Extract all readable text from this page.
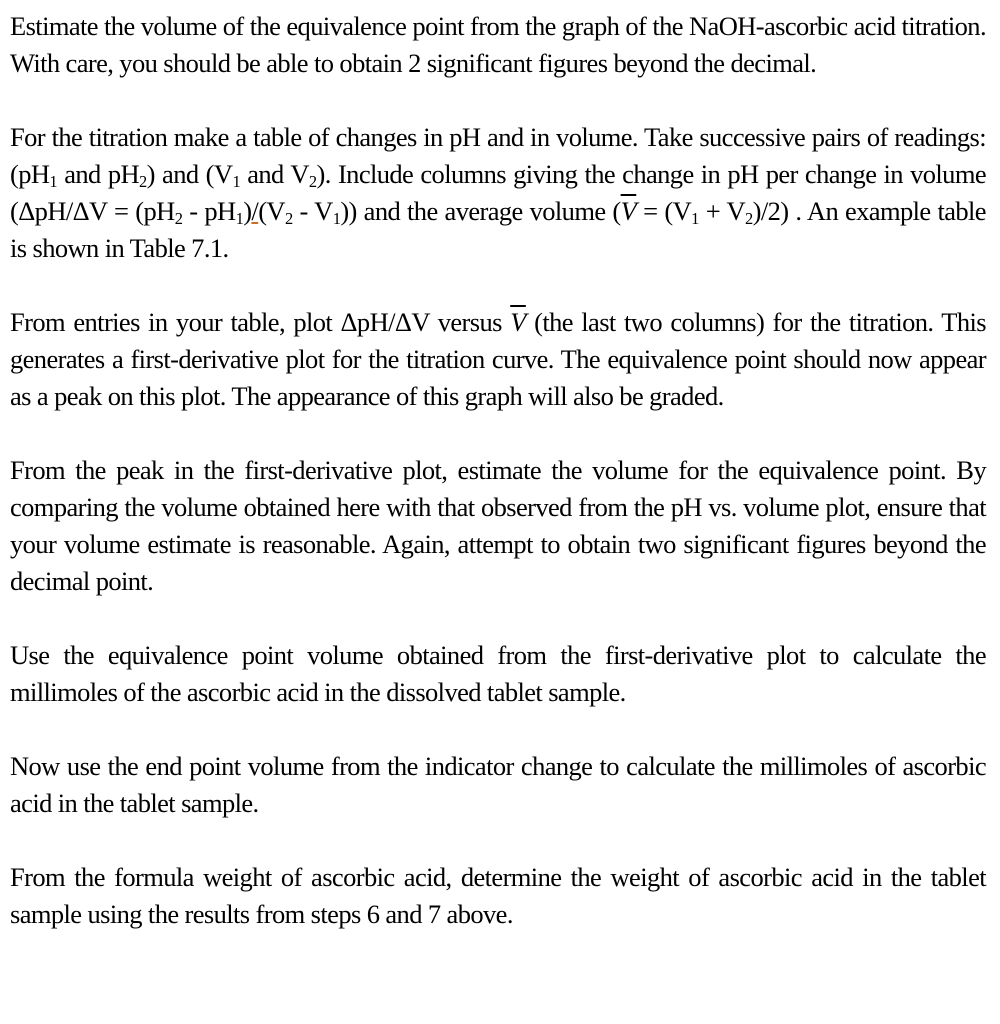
Estimate the volume of the equivalence point from the graph of the NaOH-ascorbic acid titration. With care, you should be able to obtain 2 significant figures beyond the decimal.

For the titration make a table of changes in pH and in volume. Take successive pairs of readings: ($pH_1$ and $pH_2$) and ($V_1$ and $V_2$). Include columns giving the change in pH per change in volume $(\Delta pH/\Delta V = (pH_2 - pH_1)/(V_2 - V_1))$ and the average volume $(\overline{V} = (V_1 + V_2)/2)$ . An example table is shown in Table 7.1.

From entries in your table, plot ΔpH/ΔV versus $\overline{V}$ (the last two columns) for the titration. This generates a first-derivative plot for the titration curve. The equivalence point should now appear as a peak on this plot. The appearance of this graph will also be graded.

From the peak in the first-derivative plot, estimate the volume for the equivalence point. By comparing the volume obtained here with that observed from the pH vs. volume plot, ensure that your volume estimate is reasonable. Again, attempt to obtain two significant figures beyond the decimal point.

Use the equivalence point volume obtained from the first-derivative plot to calculate the millimoles of the ascorbic acid in the dissolved tablet sample.

Now use the end point volume from the indicator change to calculate the millimoles of ascorbic acid in the tablet sample.

From the formula weight of ascorbic acid, determine the weight of ascorbic acid in the tablet sample using the results from steps 6 and 7 above.
